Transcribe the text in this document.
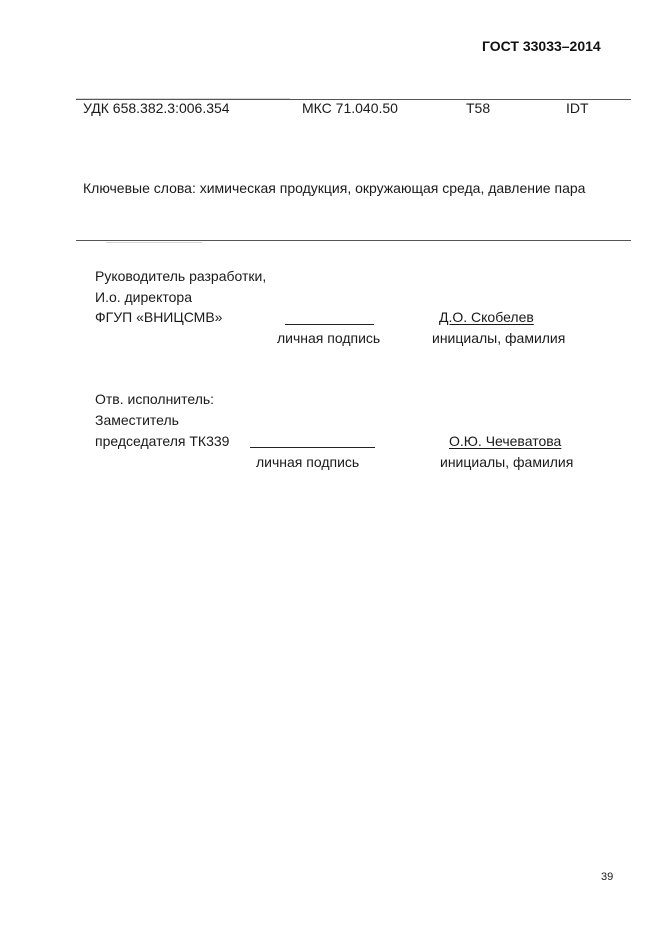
ГОСТ 33033–2014
УДК 658.382.3:006.354	МКС 71.040.50	Т58	IDT
Ключевые слова: химическая продукция, окружающая среда, давление пара
Руководитель разработки,
И.о. директора
ФГУП «ВНИЦСМВ»	Д.О. Скобелев
личная подпись	инициалы, фамилия
Отв. исполнитель:
Заместитель
председателя ТК339	О.Ю. Чечеватова
личная подпись	инициалы, фамилия
39
